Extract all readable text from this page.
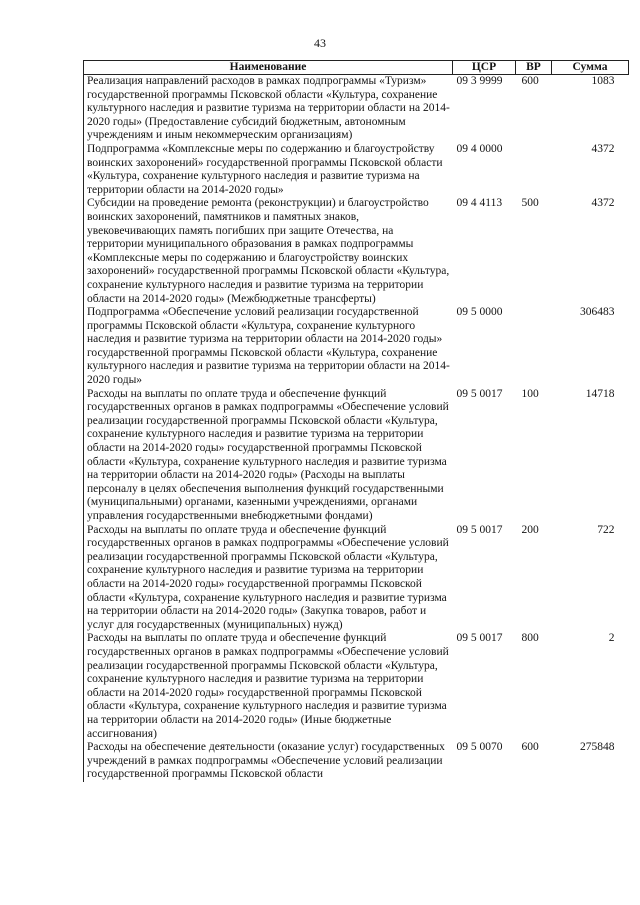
43
Наименование	ЦСР	ВР	Сумма
Реализация направлений расходов в рамках подпрограммы «Туризм» государственной программы Псковской области «Культура, сохранение культурного наследия и развитие туризма на территории области на 2014-2020 годы» (Предоставление субсидий бюджетным, автономным учреждениям и иным некоммерческим организациям)	09 3 9999	600	1083
Подпрограмма «Комплексные меры по содержанию и благоустройству воинских захоронений» государственной программы Псковской области «Культура, сохранение культурного наследия и развитие туризма на территории области на 2014-2020 годы»	09 4 0000		4372
Субсидии на проведение ремонта (реконструкции) и благоустройство воинских захоронений, памятников и памятных знаков, увековечивающих память погибших при защите Отечества, на территории муниципального образования в рамках подпрограммы «Комплексные меры по содержанию и благоустройству воинских захоронений» государственной программы Псковской области «Культура, сохранение культурного наследия и развитие туризма на территории области на 2014-2020 годы» (Межбюджетные трансферты)	09 4 4113	500	4372
Подпрограмма «Обеспечение условий реализации государственной программы Псковской области «Культура, сохранение культурного наследия и развитие туризма на территории области на 2014-2020 годы» государственной программы Псковской области «Культура, сохранение культурного наследия и развитие туризма на территории области на 2014-2020 годы»	09 5 0000		306483
Расходы на выплаты по оплате труда и обеспечение функций государственных органов в рамках подпрограммы «Обеспечение условий реализации государственной программы Псковской области «Культура, сохранение культурного наследия и развитие туризма на территории области на 2014-2020 годы» государственной программы Псковской области «Культура, сохранение культурного наследия и развитие туризма на территории области на 2014-2020 годы» (Расходы на выплаты персоналу в целях обеспечения выполнения функций государственными (муниципальными) органами, казенными учреждениями, органами управления государственными внебюджетными фондами)	09 5 0017	100	14718
Расходы на выплаты по оплате труда и обеспечение функций государственных органов в рамках подпрограммы «Обеспечение условий реализации государственной программы Псковской области «Культура, сохранение культурного наследия и развитие туризма на территории области на 2014-2020 годы» государственной программы Псковской области «Культура, сохранение культурного наследия и развитие туризма на территории области на 2014-2020 годы» (Закупка товаров, работ и услуг для государственных (муниципальных) нужд)	09 5 0017	200	722
Расходы на выплаты по оплате труда и обеспечение функций государственных органов в рамках подпрограммы «Обеспечение условий реализации государственной программы Псковской области «Культура, сохранение культурного наследия и развитие туризма на территории области на 2014-2020 годы» государственной программы Псковской области «Культура, сохранение культурного наследия и развитие туризма на территории области на 2014-2020 годы» (Иные бюджетные ассигнования)	09 5 0017	800	2
Расходы на обеспечение деятельности (оказание услуг) государственных учреждений в рамках подпрограммы «Обеспечение условий реализации государственной программы Псковской области	09 5 0070	600	275848
